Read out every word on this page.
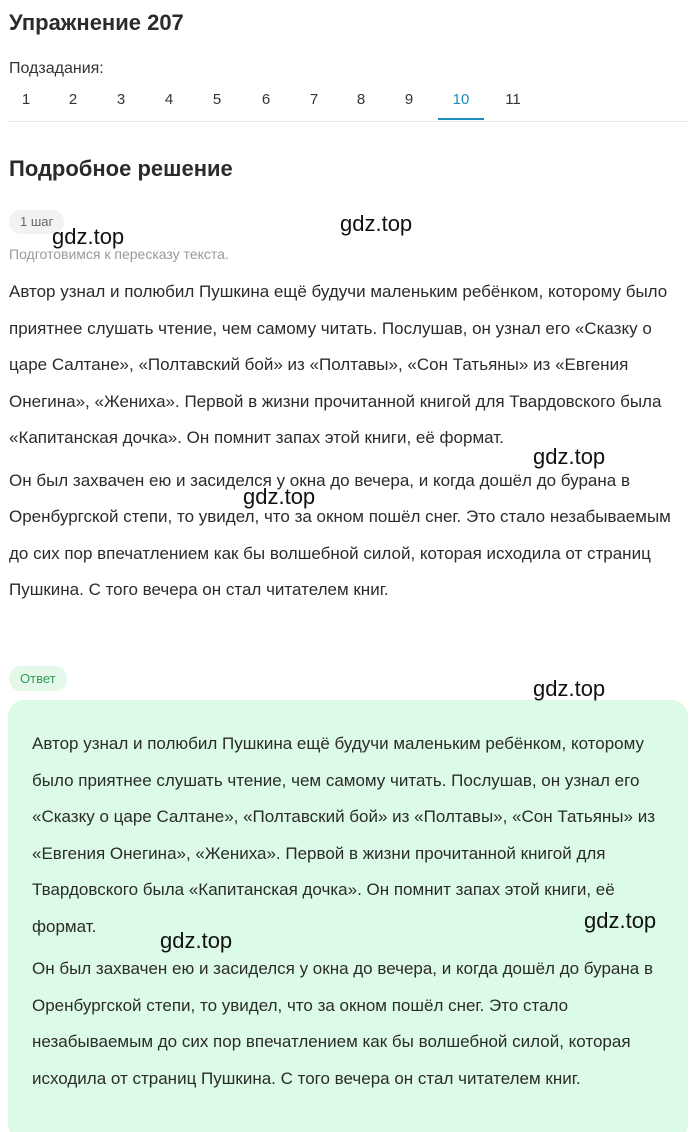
Упражнение 207
Подзадания:
1	2	3	4	5	6	7	8	9	10	11
Подробное решение
1 шаг
Подготовимся к пересказу текста.

Автор узнал и полюбил Пушкина ещё будучи маленьким ребёнком, которому было приятнее слушать чтение, чем самому читать. Послушав, он узнал его «Сказку о царе Салтане», «Полтавский бой» из «Полтавы», «Сон Татьяны» из «Евгения Онегина», «Жениха». Первой в жизни прочитанной книгой для Твардовского была «Капитанская дочка». Он помнит запах этой книги, её формат.

Он был захвачен ею и засиделся у окна до вечера, и когда дошёл до бурана в Оренбургской степи, то увидел, что за окном пошёл снег. Это стало незабываемым до сих пор впечатлением как бы волшебной силой, которая исходила от страниц Пушкина. С того вечера он стал читателем книг.

Ответ

Автор узнал и полюбил Пушкина ещё будучи маленьким ребёнком, которому было приятнее слушать чтение, чем самому читать. Послушав, он узнал его «Сказку о царе Салтане», «Полтавский бой» из «Полтавы», «Сон Татьяны» из «Евгения Онегина», «Жениха». Первой в жизни прочитанной книгой для Твардовского была «Капитанская дочка». Он помнит запах этой книги, её формат.

Он был захвачен ею и засиделся у окна до вечера, и когда дошёл до бурана в Оренбургской степи, то увидел, что за окном пошёл снег. Это стало незабываемым до сих пор впечатлением как бы волшебной силой, которая исходила от страниц Пушкина. С того вечера он стал читателем книг.

gdz.top
gdz.top
gdz.top
gdz.top
gdz.top
gdz.top
gdz.top
